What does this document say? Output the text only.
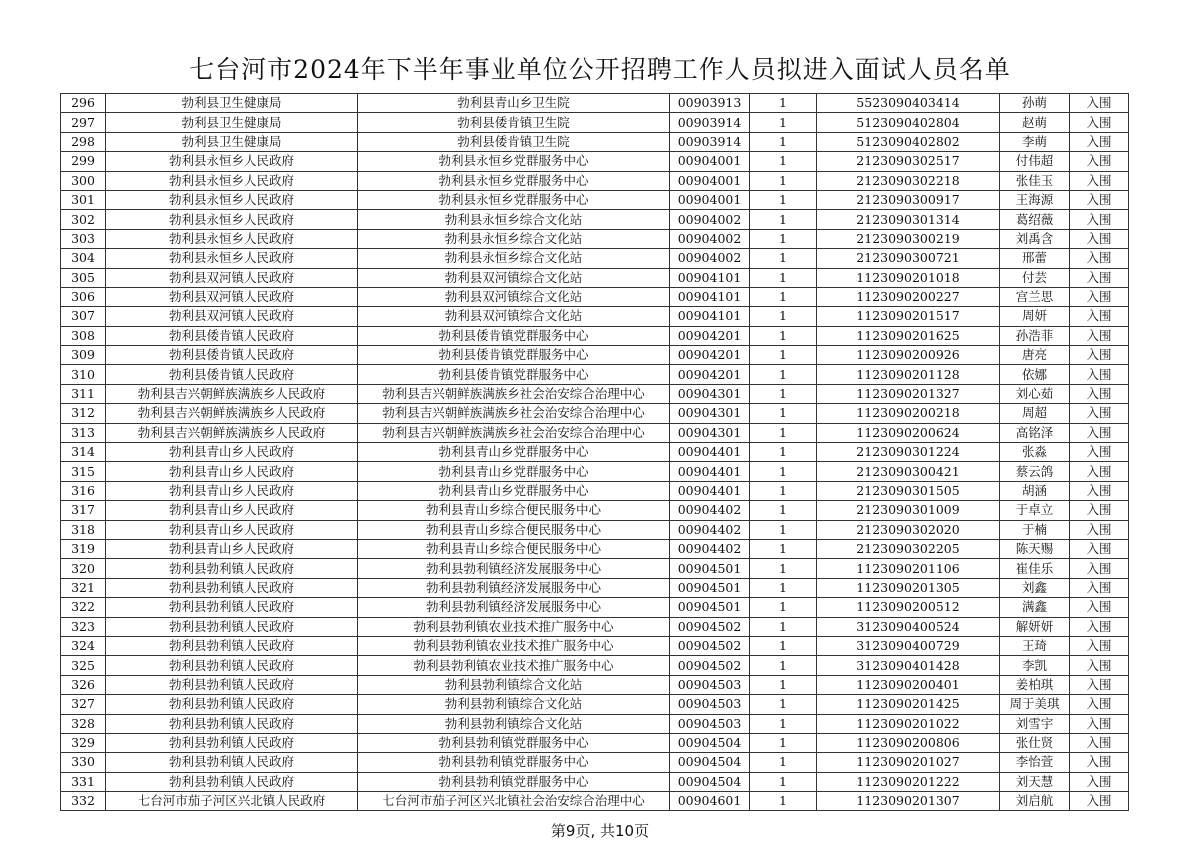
七台河市2024年下半年事业单位公开招聘工作人员拟进入面试人员名单
296	勃利县卫生健康局	勃利县青山乡卫生院	00903913	1	5523090403414	孙萌	入围
297	勃利县卫生健康局	勃利县倭肯镇卫生院	00903914	1	5123090402804	赵萌	入围
298	勃利县卫生健康局	勃利县倭肯镇卫生院	00903914	1	5123090402802	李萌	入围
299	勃利县永恒乡人民政府	勃利县永恒乡党群服务中心	00904001	1	2123090302517	付伟超	入围
300	勃利县永恒乡人民政府	勃利县永恒乡党群服务中心	00904001	1	2123090302218	张佳玉	入围
301	勃利县永恒乡人民政府	勃利县永恒乡党群服务中心	00904001	1	2123090300917	王海源	入围
302	勃利县永恒乡人民政府	勃利县永恒乡综合文化站	00904002	1	2123090301314	葛绍薇	入围
303	勃利县永恒乡人民政府	勃利县永恒乡综合文化站	00904002	1	2123090300219	刘禹含	入围
304	勃利县永恒乡人民政府	勃利县永恒乡综合文化站	00904002	1	2123090300721	邢蕾	入围
305	勃利县双河镇人民政府	勃利县双河镇综合文化站	00904101	1	1123090201018	付芸	入围
306	勃利县双河镇人民政府	勃利县双河镇综合文化站	00904101	1	1123090200227	宫兰思	入围
307	勃利县双河镇人民政府	勃利县双河镇综合文化站	00904101	1	1123090201517	周妍	入围
308	勃利县倭肯镇人民政府	勃利县倭肯镇党群服务中心	00904201	1	1123090201625	孙浩菲	入围
309	勃利县倭肯镇人民政府	勃利县倭肯镇党群服务中心	00904201	1	1123090200926	唐亮	入围
310	勃利县倭肯镇人民政府	勃利县倭肯镇党群服务中心	00904201	1	1123090201128	依娜	入围
311	勃利县吉兴朝鲜族满族乡人民政府	勃利县吉兴朝鲜族满族乡社会治安综合治理中心	00904301	1	1123090201327	刘心茹	入围
312	勃利县吉兴朝鲜族满族乡人民政府	勃利县吉兴朝鲜族满族乡社会治安综合治理中心	00904301	1	1123090200218	周超	入围
313	勃利县吉兴朝鲜族满族乡人民政府	勃利县吉兴朝鲜族满族乡社会治安综合治理中心	00904301	1	1123090200624	高铭泽	入围
314	勃利县青山乡人民政府	勃利县青山乡党群服务中心	00904401	1	2123090301224	张淼	入围
315	勃利县青山乡人民政府	勃利县青山乡党群服务中心	00904401	1	2123090300421	蔡云鸽	入围
316	勃利县青山乡人民政府	勃利县青山乡党群服务中心	00904401	1	2123090301505	胡涵	入围
317	勃利县青山乡人民政府	勃利县青山乡综合便民服务中心	00904402	1	2123090301009	于卓立	入围
318	勃利县青山乡人民政府	勃利县青山乡综合便民服务中心	00904402	1	2123090302020	于楠	入围
319	勃利县青山乡人民政府	勃利县青山乡综合便民服务中心	00904402	1	2123090302205	陈天赐	入围
320	勃利县勃利镇人民政府	勃利县勃利镇经济发展服务中心	00904501	1	1123090201106	崔佳乐	入围
321	勃利县勃利镇人民政府	勃利县勃利镇经济发展服务中心	00904501	1	1123090201305	刘鑫	入围
322	勃利县勃利镇人民政府	勃利县勃利镇经济发展服务中心	00904501	1	1123090200512	满鑫	入围
323	勃利县勃利镇人民政府	勃利县勃利镇农业技术推广服务中心	00904502	1	3123090400524	解妍妍	入围
324	勃利县勃利镇人民政府	勃利县勃利镇农业技术推广服务中心	00904502	1	3123090400729	王琦	入围
325	勃利县勃利镇人民政府	勃利县勃利镇农业技术推广服务中心	00904502	1	3123090401428	李凯	入围
326	勃利县勃利镇人民政府	勃利县勃利镇综合文化站	00904503	1	1123090200401	姜柏琪	入围
327	勃利县勃利镇人民政府	勃利县勃利镇综合文化站	00904503	1	1123090201425	周于美琪	入围
328	勃利县勃利镇人民政府	勃利县勃利镇综合文化站	00904503	1	1123090201022	刘雪宇	入围
329	勃利县勃利镇人民政府	勃利县勃利镇党群服务中心	00904504	1	1123090200806	张仕贤	入围
330	勃利县勃利镇人民政府	勃利县勃利镇党群服务中心	00904504	1	1123090201027	李怡萱	入围
331	勃利县勃利镇人民政府	勃利县勃利镇党群服务中心	00904504	1	1123090201222	刘天慧	入围
332	七台河市茄子河区兴北镇人民政府	七台河市茄子河区兴北镇社会治安综合治理中心	00904601	1	1123090201307	刘启航	入围
第9页, 共10页
